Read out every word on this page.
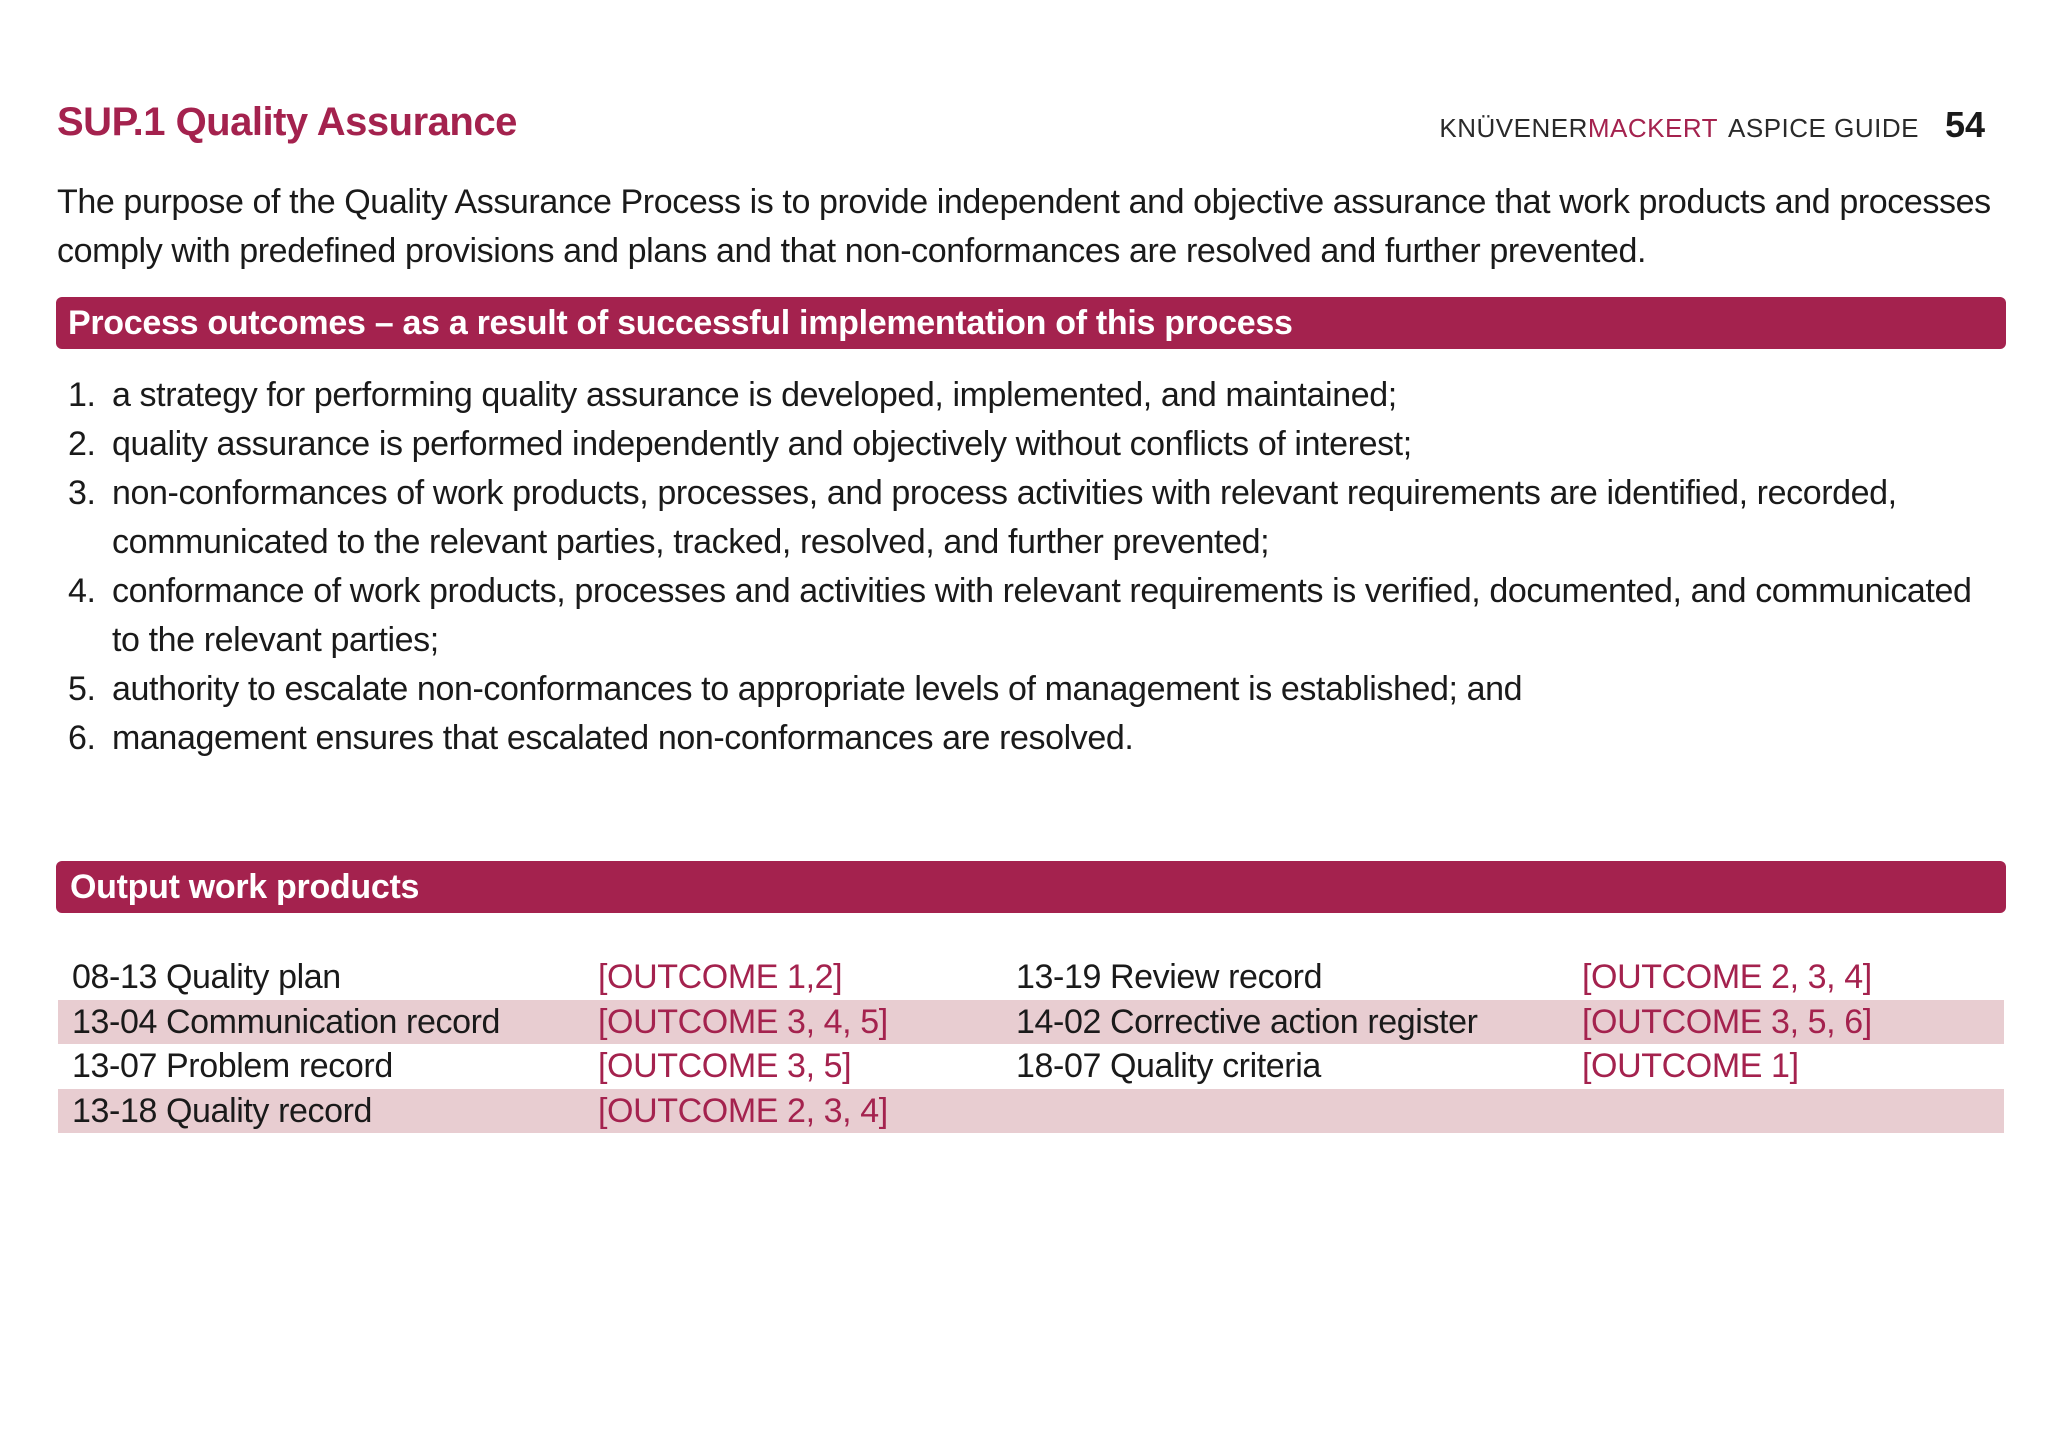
SUP.1 Quality Assurance	KNÜVENER MACKERT ASPICE GUIDE 54
The purpose of the Quality Assurance Process is to provide independent and objective assurance that work products and processes comply with predefined provisions and plans and that non-conformances are resolved and further prevented.
Process outcomes – as a result of successful implementation of this process
1. a strategy for performing quality assurance is developed, implemented, and maintained;
2. quality assurance is performed independently and objectively without conflicts of interest;
3. non-conformances of work products, processes, and process activities with relevant requirements are identified, recorded, communicated to the relevant parties, tracked, resolved, and further prevented;
4. conformance of work products, processes and activities with relevant requirements is verified, documented, and communicated to the relevant parties;
5. authority to escalate non-conformances to appropriate levels of management is established; and
6. management ensures that escalated non-conformances are resolved.
Output work products
08-13 Quality plan	[OUTCOME 1,2]	13-19 Review record	[OUTCOME 2, 3, 4]
13-04 Communication record	[OUTCOME 3, 4, 5]	14-02 Corrective action register	[OUTCOME 3, 5, 6]
13-07 Problem record	[OUTCOME 3, 5]	18-07 Quality criteria	[OUTCOME 1]
13-18 Quality record	[OUTCOME 2, 3, 4]
